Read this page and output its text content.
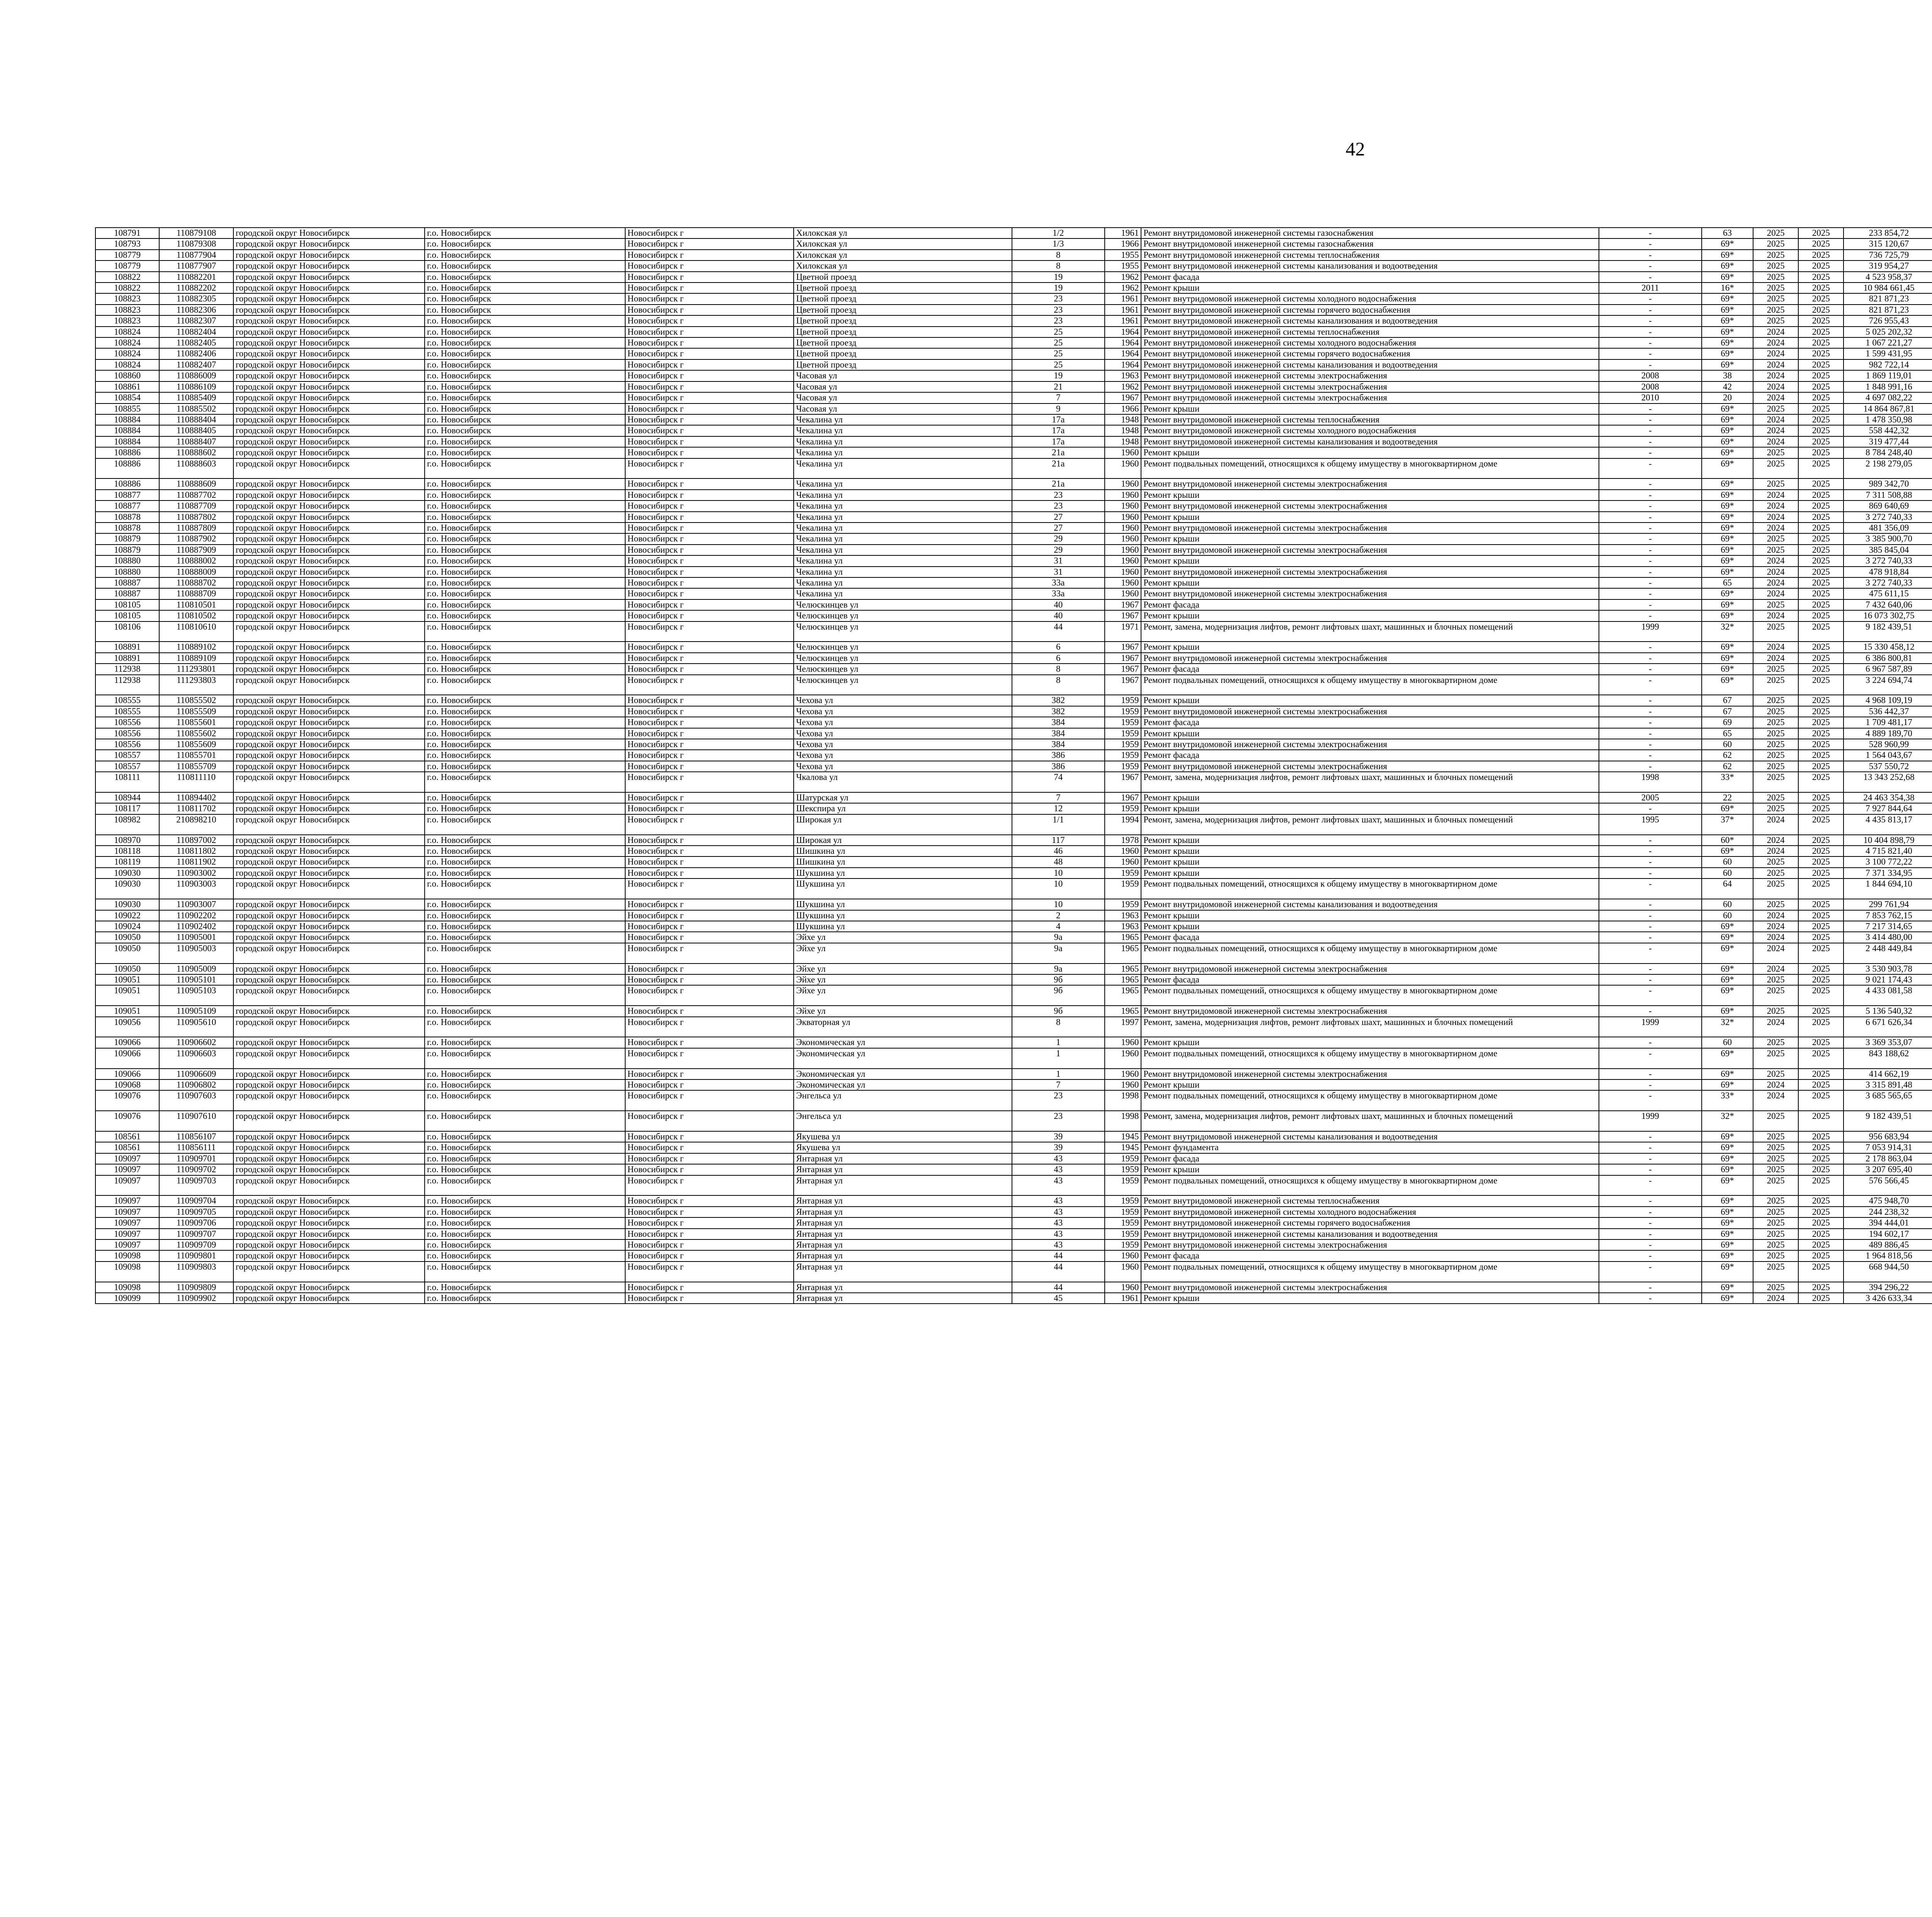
42
108791	110879108	городской округ Новосибирск	г.о. Новосибирск	Новосибирск г	Хилокская ул	1/2	1961	Ремонт внутридомовой инженерной системы газоснабжения	-	63	2025	2025	233 854,72						
108793	110879308	городской округ Новосибирск	г.о. Новосибирск	Новосибирск г	Хилокская ул	1/3	1966	Ремонт внутридомовой инженерной системы газоснабжения	-	69*	2025	2025	315 120,67						
108779	110877904	городской округ Новосибирск	г.о. Новосибирск	Новосибирск г	Хилокская ул	8	1955	Ремонт внутридомовой инженерной системы теплоснабжения	-	69*	2025	2025	736 725,79						
108779	110877907	городской округ Новосибирск	г.о. Новосибирск	Новосибирск г	Хилокская ул	8	1955	Ремонт внутридомовой инженерной системы канализования и водоотведения	-	69*	2025	2025	319 954,27						
108822	110882201	городской округ Новосибирск	г.о. Новосибирск	Новосибирск г	Цветной проезд	19	1962	Ремонт фасада	-	69*	2025	2025	4 523 958,37						
108822	110882202	городской округ Новосибирск	г.о. Новосибирск	Новосибирск г	Цветной проезд	19	1962	Ремонт крыши	2011	16*	2025	2025	10 984 661,45						
108823	110882305	городской округ Новосибирск	г.о. Новосибирск	Новосибирск г	Цветной проезд	23	1961	Ремонт внутридомовой инженерной системы холодного водоснабжения	-	69*	2025	2025	821 871,23						
108823	110882306	городской округ Новосибирск	г.о. Новосибирск	Новосибирск г	Цветной проезд	23	1961	Ремонт внутридомовой инженерной системы горячего водоснабжения	-	69*	2025	2025	821 871,23						
108823	110882307	городской округ Новосибирск	г.о. Новосибирск	Новосибирск г	Цветной проезд	23	1961	Ремонт внутридомовой инженерной системы канализования и водоотведения	-	69*	2025	2025	726 955,43						
108824	110882404	городской округ Новосибирск	г.о. Новосибирск	Новосибирск г	Цветной проезд	25	1964	Ремонт внутридомовой инженерной системы теплоснабжения	-	69*	2024	2025	5 025 202,32						
108824	110882405	городской округ Новосибирск	г.о. Новосибирск	Новосибирск г	Цветной проезд	25	1964	Ремонт внутридомовой инженерной системы холодного водоснабжения	-	69*	2024	2025	1 067 221,27						
108824	110882406	городской округ Новосибирск	г.о. Новосибирск	Новосибирск г	Цветной проезд	25	1964	Ремонт внутридомовой инженерной системы горячего водоснабжения	-	69*	2024	2025	1 599 431,95						
108824	110882407	городской округ Новосибирск	г.о. Новосибирск	Новосибирск г	Цветной проезд	25	1964	Ремонт внутридомовой инженерной системы канализования и водоотведения	-	69*	2024	2025	982 722,14						
108860	110886009	городской округ Новосибирск	г.о. Новосибирск	Новосибирск г	Часовая ул	19	1963	Ремонт внутридомовой инженерной системы электроснабжения	2008	38	2024	2025	1 869 119,01						
108861	110886109	городской округ Новосибирск	г.о. Новосибирск	Новосибирск г	Часовая ул	21	1962	Ремонт внутридомовой инженерной системы электроснабжения	2008	42	2024	2025	1 848 991,16						
108854	110885409	городской округ Новосибирск	г.о. Новосибирск	Новосибирск г	Часовая ул	7	1967	Ремонт внутридомовой инженерной системы электроснабжения	2010	20	2024	2025	4 697 082,22						
108855	110885502	городской округ Новосибирск	г.о. Новосибирск	Новосибирск г	Часовая ул	9	1966	Ремонт крыши	-	69*	2025	2025	14 864 867,81						
108884	110888404	городской округ Новосибирск	г.о. Новосибирск	Новосибирск г	Чекалина ул	17а	1948	Ремонт внутридомовой инженерной системы теплоснабжения	-	69*	2024	2025	1 478 350,98						
108884	110888405	городской округ Новосибирск	г.о. Новосибирск	Новосибирск г	Чекалина ул	17а	1948	Ремонт внутридомовой инженерной системы холодного водоснабжения	-	69*	2024	2025	558 442,32						
108884	110888407	городской округ Новосибирск	г.о. Новосибирск	Новосибирск г	Чекалина ул	17а	1948	Ремонт внутридомовой инженерной системы канализования и водоотведения	-	69*	2024	2025	319 477,44						
108886	110888602	городской округ Новосибирск	г.о. Новосибирск	Новосибирск г	Чекалина ул	21а	1960	Ремонт крыши	-	69*	2025	2025	8 784 248,40						
108886	110888603	городской округ Новосибирск	г.о. Новосибирск	Новосибирск г	Чекалина ул	21а	1960	Ремонт подвальных помещений, относящихся к общему имуществу в многоквартирном доме	-	69*	2025	2025	2 198 279,05						
108886	110888609	городской округ Новосибирск	г.о. Новосибирск	Новосибирск г	Чекалина ул	21а	1960	Ремонт внутридомовой инженерной системы электроснабжения	-	69*	2025	2025	989 342,70						
108877	110887702	городской округ Новосибирск	г.о. Новосибирск	Новосибирск г	Чекалина ул	23	1960	Ремонт крыши	-	69*	2024	2025	7 311 508,88						
108877	110887709	городской округ Новосибирск	г.о. Новосибирск	Новосибирск г	Чекалина ул	23	1960	Ремонт внутридомовой инженерной системы электроснабжения	-	69*	2024	2025	869 640,69						
108878	110887802	городской округ Новосибирск	г.о. Новосибирск	Новосибирск г	Чекалина ул	27	1960	Ремонт крыши	-	69*	2024	2025	3 272 740,33						
108878	110887809	городской округ Новосибирск	г.о. Новосибирск	Новосибирск г	Чекалина ул	27	1960	Ремонт внутридомовой инженерной системы электроснабжения	-	69*	2024	2025	481 356,09						
108879	110887902	городской округ Новосибирск	г.о. Новосибирск	Новосибирск г	Чекалина ул	29	1960	Ремонт крыши	-	69*	2025	2025	3 385 900,70						
108879	110887909	городской округ Новосибирск	г.о. Новосибирск	Новосибирск г	Чекалина ул	29	1960	Ремонт внутридомовой инженерной системы электроснабжения	-	69*	2025	2025	385 845,04						
108880	110888002	городской округ Новосибирск	г.о. Новосибирск	Новосибирск г	Чекалина ул	31	1960	Ремонт крыши	-	69*	2024	2025	3 272 740,33						
108880	110888009	городской округ Новосибирск	г.о. Новосибирск	Новосибирск г	Чекалина ул	31	1960	Ремонт внутридомовой инженерной системы электроснабжения	-	69*	2024	2025	478 918,84						
108887	110888702	городской округ Новосибирск	г.о. Новосибирск	Новосибирск г	Чекалина ул	33а	1960	Ремонт крыши	-	65	2024	2025	3 272 740,33						
108887	110888709	городской округ Новосибирск	г.о. Новосибирск	Новосибирск г	Чекалина ул	33а	1960	Ремонт внутридомовой инженерной системы электроснабжения	-	69*	2024	2025	475 611,15						
108105	110810501	городской округ Новосибирск	г.о. Новосибирск	Новосибирск г	Челюскинцев ул	40	1967	Ремонт фасада	-	69*	2025	2025	7 432 640,06						
108105	110810502	городской округ Новосибирск	г.о. Новосибирск	Новосибирск г	Челюскинцев ул	40	1967	Ремонт крыши	-	69*	2024	2025	16 073 302,75						
108106	110810610	городской округ Новосибирск	г.о. Новосибирск	Новосибирск г	Челюскинцев ул	44	1971	Ремонт, замена, модернизация лифтов, ремонт лифтовых шахт, машинных и блочных помещений	1999	32*	2025	2025	9 182 439,51						
108891	110889102	городской округ Новосибирск	г.о. Новосибирск	Новосибирск г	Челюскинцев ул	6	1967	Ремонт крыши	-	69*	2024	2025	15 330 458,12						
108891	110889109	городской округ Новосибирск	г.о. Новосибирск	Новосибирск г	Челюскинцев ул	6	1967	Ремонт внутридомовой инженерной системы электроснабжения	-	69*	2024	2025	6 386 800,81						
112938	111293801	городской округ Новосибирск	г.о. Новосибирск	Новосибирск г	Челюскинцев ул	8	1967	Ремонт фасада	-	69*	2025	2025	6 967 587,89						
112938	111293803	городской округ Новосибирск	г.о. Новосибирск	Новосибирск г	Челюскинцев ул	8	1967	Ремонт подвальных помещений, относящихся к общему имуществу в многоквартирном доме	-	69*	2025	2025	3 224 694,74						
108555	110855502	городской округ Новосибирск	г.о. Новосибирск	Новосибирск г	Чехова ул	382	1959	Ремонт крыши	-	67	2025	2025	4 968 109,19						
108555	110855509	городской округ Новосибирск	г.о. Новосибирск	Новосибирск г	Чехова ул	382	1959	Ремонт внутридомовой инженерной системы электроснабжения	-	67	2025	2025	536 442,37						
108556	110855601	городской округ Новосибирск	г.о. Новосибирск	Новосибирск г	Чехова ул	384	1959	Ремонт фасада	-	69	2025	2025	1 709 481,17						
108556	110855602	городской округ Новосибирск	г.о. Новосибирск	Новосибирск г	Чехова ул	384	1959	Ремонт крыши	-	65	2025	2025	4 889 189,70						
108556	110855609	городской округ Новосибирск	г.о. Новосибирск	Новосибирск г	Чехова ул	384	1959	Ремонт внутридомовой инженерной системы электроснабжения	-	60	2025	2025	528 960,99						
108557	110855701	городской округ Новосибирск	г.о. Новосибирск	Новосибирск г	Чехова ул	386	1959	Ремонт фасада	-	62	2025	2025	1 564 043,67						
108557	110855709	городской округ Новосибирск	г.о. Новосибирск	Новосибирск г	Чехова ул	386	1959	Ремонт внутридомовой инженерной системы электроснабжения	-	62	2025	2025	537 550,72						
108111	110811110	городской округ Новосибирск	г.о. Новосибирск	Новосибирск г	Чкалова ул	74	1967	Ремонт, замена, модернизация лифтов, ремонт лифтовых шахт, машинных и блочных помещений	1998	33*	2025	2025	13 343 252,68						
108944	110894402	городской округ Новосибирск	г.о. Новосибирск	Новосибирск г	Шатурская ул	7	1967	Ремонт крыши	2005	22	2025	2025	24 463 354,38						
108117	110811702	городской округ Новосибирск	г.о. Новосибирск	Новосибирск г	Шекспира ул	12	1959	Ремонт крыши	-	69*	2025	2025	7 927 844,64						
108982	210898210	городской округ Новосибирск	г.о. Новосибирск	Новосибирск г	Широкая ул	1/1	1994	Ремонт, замена, модернизация лифтов, ремонт лифтовых шахт, машинных и блочных помещений	1995	37*	2024	2025	4 435 813,17						
108970	110897002	городской округ Новосибирск	г.о. Новосибирск	Новосибирск г	Широкая ул	117	1978	Ремонт крыши	-	60*	2024	2025	10 404 898,79						
108118	110811802	городской округ Новосибирск	г.о. Новосибирск	Новосибирск г	Шишкина ул	46	1960	Ремонт крыши	-	69*	2024	2025	4 715 821,40						
108119	110811902	городской округ Новосибирск	г.о. Новосибирск	Новосибирск г	Шишкина ул	48	1960	Ремонт крыши	-	60	2025	2025	3 100 772,22						
109030	110903002	городской округ Новосибирск	г.о. Новосибирск	Новосибирск г	Шукшина ул	10	1959	Ремонт крыши	-	60	2025	2025	7 371 334,95						
109030	110903003	городской округ Новосибирск	г.о. Новосибирск	Новосибирск г	Шукшина ул	10	1959	Ремонт подвальных помещений, относящихся к общему имуществу в многоквартирном доме	-	64	2025	2025	1 844 694,10						
109030	110903007	городской округ Новосибирск	г.о. Новосибирск	Новосибирск г	Шукшина ул	10	1959	Ремонт внутридомовой инженерной системы канализования и водоотведения	-	60	2025	2025	299 761,94						
109022	110902202	городской округ Новосибирск	г.о. Новосибирск	Новосибирск г	Шукшина ул	2	1963	Ремонт крыши	-	60	2024	2025	7 853 762,15						
109024	110902402	городской округ Новосибирск	г.о. Новосибирск	Новосибирск г	Шукшина ул	4	1963	Ремонт крыши	-	69*	2024	2025	7 217 314,65						
109050	110905001	городской округ Новосибирск	г.о. Новосибирск	Новосибирск г	Эйхе ул	9а	1965	Ремонт фасада	-	69*	2024	2025	3 414 480,00						
109050	110905003	городской округ Новосибирск	г.о. Новосибирск	Новосибирск г	Эйхе ул	9а	1965	Ремонт подвальных помещений, относящихся к общему имуществу в многоквартирном доме	-	69*	2024	2025	2 448 449,84						
109050	110905009	городской округ Новосибирск	г.о. Новосибирск	Новосибирск г	Эйхе ул	9а	1965	Ремонт внутридомовой инженерной системы электроснабжения	-	69*	2024	2025	3 530 903,78						
109051	110905101	городской округ Новосибирск	г.о. Новосибирск	Новосибирск г	Эйхе ул	9б	1965	Ремонт фасада	-	69*	2025	2025	9 021 174,43						
109051	110905103	городской округ Новосибирск	г.о. Новосибирск	Новосибирск г	Эйхе ул	9б	1965	Ремонт подвальных помещений, относящихся к общему имуществу в многоквартирном доме	-	69*	2025	2025	4 433 081,58						
109051	110905109	городской округ Новосибирск	г.о. Новосибирск	Новосибирск г	Эйхе ул	9б	1965	Ремонт внутридомовой инженерной системы электроснабжения	-	69*	2025	2025	5 136 540,32						
109056	110905610	городской округ Новосибирск	г.о. Новосибирск	Новосибирск г	Экваторная ул	8	1997	Ремонт, замена, модернизация лифтов, ремонт лифтовых шахт, машинных и блочных помещений	1999	32*	2024	2025	6 671 626,34						
109066	110906602	городской округ Новосибирск	г.о. Новосибирск	Новосибирск г	Экономическая ул	1	1960	Ремонт крыши	-	60	2025	2025	3 369 353,07						
109066	110906603	городской округ Новосибирск	г.о. Новосибирск	Новосибирск г	Экономическая ул	1	1960	Ремонт подвальных помещений, относящихся к общему имуществу в многоквартирном доме	-	69*	2025	2025	843 188,62						
109066	110906609	городской округ Новосибирск	г.о. Новосибирск	Новосибирск г	Экономическая ул	1	1960	Ремонт внутридомовой инженерной системы электроснабжения	-	69*	2025	2025	414 662,19						
109068	110906802	городской округ Новосибирск	г.о. Новосибирск	Новосибирск г	Экономическая ул	7	1960	Ремонт крыши	-	69*	2024	2025	3 315 891,48						
109076	110907603	городской округ Новосибирск	г.о. Новосибирск	Новосибирск г	Энгельса ул	23	1998	Ремонт подвальных помещений, относящихся к общему имуществу в многоквартирном доме	-	33*	2024	2025	3 685 565,65						
109076	110907610	городской округ Новосибирск	г.о. Новосибирск	Новосибирск г	Энгельса ул	23	1998	Ремонт, замена, модернизация лифтов, ремонт лифтовых шахт, машинных и блочных помещений	1999	32*	2025	2025	9 182 439,51						
108561	110856107	городской округ Новосибирск	г.о. Новосибирск	Новосибирск г	Якушева ул	39	1945	Ремонт внутридомовой инженерной системы канализования и водоотведения	-	69*	2025	2025	956 683,94						
108561	110856111	городской округ Новосибирск	г.о. Новосибирск	Новосибирск г	Якушева ул	39	1945	Ремонт фундамента	-	69*	2025	2025	7 053 914,31						
109097	110909701	городской округ Новосибирск	г.о. Новосибирск	Новосибирск г	Янтарная ул	43	1959	Ремонт фасада	-	69*	2025	2025	2 178 863,04						
109097	110909702	городской округ Новосибирск	г.о. Новосибирск	Новосибирск г	Янтарная ул	43	1959	Ремонт крыши	-	69*	2025	2025	3 207 695,40						
109097	110909703	городской округ Новосибирск	г.о. Новосибирск	Новосибирск г	Янтарная ул	43	1959	Ремонт подвальных помещений, относящихся к общему имуществу в многоквартирном доме	-	69*	2025	2025	576 566,45						
109097	110909704	городской округ Новосибирск	г.о. Новосибирск	Новосибирск г	Янтарная ул	43	1959	Ремонт внутридомовой инженерной системы теплоснабжения	-	69*	2025	2025	475 948,70						
109097	110909705	городской округ Новосибирск	г.о. Новосибирск	Новосибирск г	Янтарная ул	43	1959	Ремонт внутридомовой инженерной системы холодного водоснабжения	-	69*	2025	2025	244 238,32						
109097	110909706	городской округ Новосибирск	г.о. Новосибирск	Новосибирск г	Янтарная ул	43	1959	Ремонт внутридомовой инженерной системы горячего водоснабжения	-	69*	2025	2025	394 444,01						
109097	110909707	городской округ Новосибирск	г.о. Новосибирск	Новосибирск г	Янтарная ул	43	1959	Ремонт внутридомовой инженерной системы канализования и водоотведения	-	69*	2025	2025	194 602,17						
109097	110909709	городской округ Новосибирск	г.о. Новосибирск	Новосибирск г	Янтарная ул	43	1959	Ремонт внутридомовой инженерной системы электроснабжения	-	69*	2025	2025	489 886,45						
109098	110909801	городской округ Новосибирск	г.о. Новосибирск	Новосибирск г	Янтарная ул	44	1960	Ремонт фасада	-	69*	2025	2025	1 964 818,56						
109098	110909803	городской округ Новосибирск	г.о. Новосибирск	Новосибирск г	Янтарная ул	44	1960	Ремонт подвальных помещений, относящихся к общему имуществу в многоквартирном доме	-	69*	2025	2025	668 944,50						
109098	110909809	городской округ Новосибирск	г.о. Новосибирск	Новосибирск г	Янтарная ул	44	1960	Ремонт внутридомовой инженерной системы электроснабжения	-	69*	2025	2025	394 296,22						
109099	110909902	городской округ Новосибирск	г.о. Новосибирск	Новосибирск г	Янтарная ул	45	1961	Ремонт крыши	-	69*	2024	2025	3 426 633,34						
